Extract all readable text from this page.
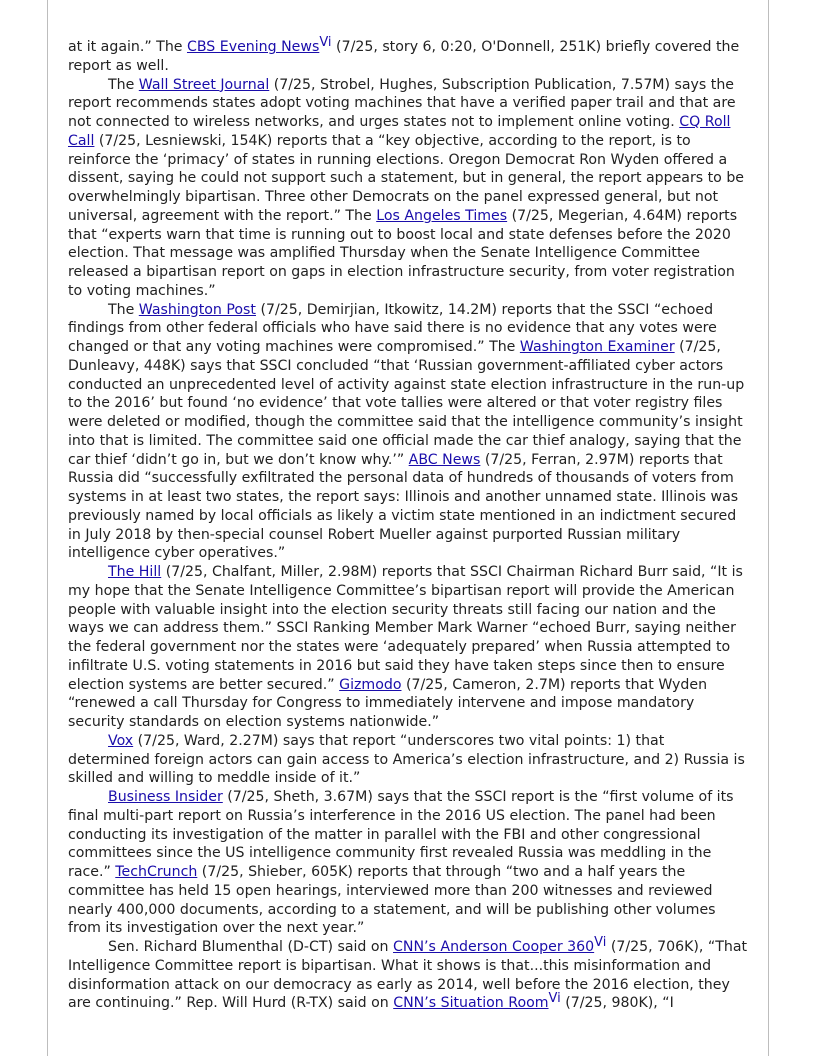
at it again.” The CBS Evening News$^{Vi}$ (7/25, story 6, 0:20, O'Donnell, 251K) briefly covered the report as well.

The Wall Street Journal (7/25, Strobel, Hughes, Subscription Publication, 7.57M) says the report recommends states adopt voting machines that have a verified paper trail and that are not connected to wireless networks, and urges states not to implement online voting. CQ Roll Call (7/25, Lesniewski, 154K) reports that a “key objective, according to the report, is to reinforce the ‘primacy’ of states in running elections. Oregon Democrat Ron Wyden offered a dissent, saying he could not support such a statement, but in general, the report appears to be overwhelmingly bipartisan. Three other Democrats on the panel expressed general, but not universal, agreement with the report.” The Los Angeles Times (7/25, Megerian, 4.64M) reports that “experts warn that time is running out to boost local and state defenses before the 2020 election. That message was amplified Thursday when the Senate Intelligence Committee released a bipartisan report on gaps in election infrastructure security, from voter registration to voting machines.”

The Washington Post (7/25, Demirjian, Itkowitz, 14.2M) reports that the SSCI “echoed findings from other federal officials who have said there is no evidence that any votes were changed or that any voting machines were compromised.” The Washington Examiner (7/25, Dunleavy, 448K) says that SSCI concluded “that ‘Russian government-affiliated cyber actors conducted an unprecedented level of activity against state election infrastructure in the run-up to the 2016’ but found ‘no evidence’ that vote tallies were altered or that voter registry files were deleted or modified, though the committee said that the intelligence community’s insight into that is limited. The committee said one official made the car thief analogy, saying that the car thief ‘didn’t go in, but we don’t know why.’” ABC News (7/25, Ferran, 2.97M) reports that Russia did “successfully exfiltrated the personal data of hundreds of thousands of voters from systems in at least two states, the report says: Illinois and another unnamed state. Illinois was previously named by local officials as likely a victim state mentioned in an indictment secured in July 2018 by then-special counsel Robert Mueller against purported Russian military intelligence cyber operatives.”

The Hill (7/25, Chalfant, Miller, 2.98M) reports that SSCI Chairman Richard Burr said, “It is my hope that the Senate Intelligence Committee’s bipartisan report will provide the American people with valuable insight into the election security threats still facing our nation and the ways we can address them.” SSCI Ranking Member Mark Warner “echoed Burr, saying neither the federal government nor the states were ‘adequately prepared’ when Russia attempted to infiltrate U.S. voting statements in 2016 but said they have taken steps since then to ensure election systems are better secured.” Gizmodo (7/25, Cameron, 2.7M) reports that Wyden “renewed a call Thursday for Congress to immediately intervene and impose mandatory security standards on election systems nationwide.”

Vox (7/25, Ward, 2.27M) says that report “underscores two vital points: 1) that determined foreign actors can gain access to America’s election infrastructure, and 2) Russia is skilled and willing to meddle inside of it.”

Business Insider (7/25, Sheth, 3.67M) says that the SSCI report is the “first volume of its final multi-part report on Russia’s interference in the 2016 US election. The panel had been conducting its investigation of the matter in parallel with the FBI and other congressional committees since the US intelligence community first revealed Russia was meddling in the race.” TechCrunch (7/25, Shieber, 605K) reports that through “two and a half years the committee has held 15 open hearings, interviewed more than 200 witnesses and reviewed nearly 400,000 documents, according to a statement, and will be publishing other volumes from its investigation over the next year.”

Sen. Richard Blumenthal (D-CT) said on CNN’s Anderson Cooper 360$^{Vi}$ (7/25, 706K), “That Intelligence Committee report is bipartisan. What it shows is that...this misinformation and disinformation attack on our democracy as early as 2014, well before the 2016 election, they are continuing.” Rep. Will Hurd (R-TX) said on CNN’s Situation Room$^{Vi}$ (7/25, 980K), “I
